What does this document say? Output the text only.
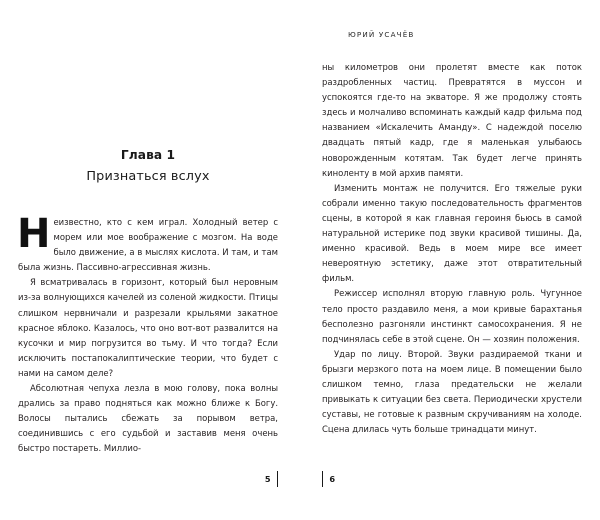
Глава 1
Признаться вслух

Неизвестно, кто с кем играл. Холодный ветер с морем или мое воображение с мозгом. На воде было движение, а в мыслях кислота. И там, и там была жизнь. Пассивно-агрессивная жизнь.

Я всматривалась в горизонт, который был неровным из-за волнующихся качелей из соленой жидкости. Птицы слишком нервничали и разрезали крыльями закатное красное яблоко. Казалось, что оно вот-вот развалится на кусочки и мир погрузится во тьму. И что тогда? Если исключить постапокалиптические теории, что будет с нами на самом деле?

Абсолютная чепуха лезла в мою голову, пока волны дрались за право подняться как можно ближе к Богу. Волосы пытались сбежать за порывом ветра, соединившись с его судьбой и заставив меня очень быстро постареть. Миллио-

5
ЮРИЙ УСАЧЁВ

ны километров они пролетят вместе как поток раздробленных частиц. Превратятся в муссон и успокоятся где-то на экваторе. Я же продолжу стоять здесь и молчаливо вспоминать каждый кадр фильма под названием «Искалечить Аманду». С надеждой поселю двадцать пятый кадр, где я маленькая улыбаюсь новорожденным котятам. Так будет легче принять киноленту в мой архив памяти.

Изменить монтаж не получится. Его тяжелые руки собрали именно такую последовательность фрагментов сцены, в которой я как главная героиня бьюсь в самой натуральной истерике под звуки красивой тишины. Да, именно красивой. Ведь в моем мире все имеет невероятную эстетику, даже этот отвратительный фильм.

Режиссер исполнял вторую главную роль. Чугунное тело просто раздавило меня, а мои кривые барахтанья бесполезно разгоняли инстинкт самосохранения. Я не подчинялась себе в этой сцене. Он — хозяин положения.

Удар по лицу. Второй. Звуки раздираемой ткани и брызги мерзкого пота на моем лице. В помещении было слишком темно, глаза предательски не желали привыкать к ситуации без света. Периодически хрустели суставы, не готовые к развным скручиваниям на холоде. Сцена длилась чуть больше тринадцати минут.

6
